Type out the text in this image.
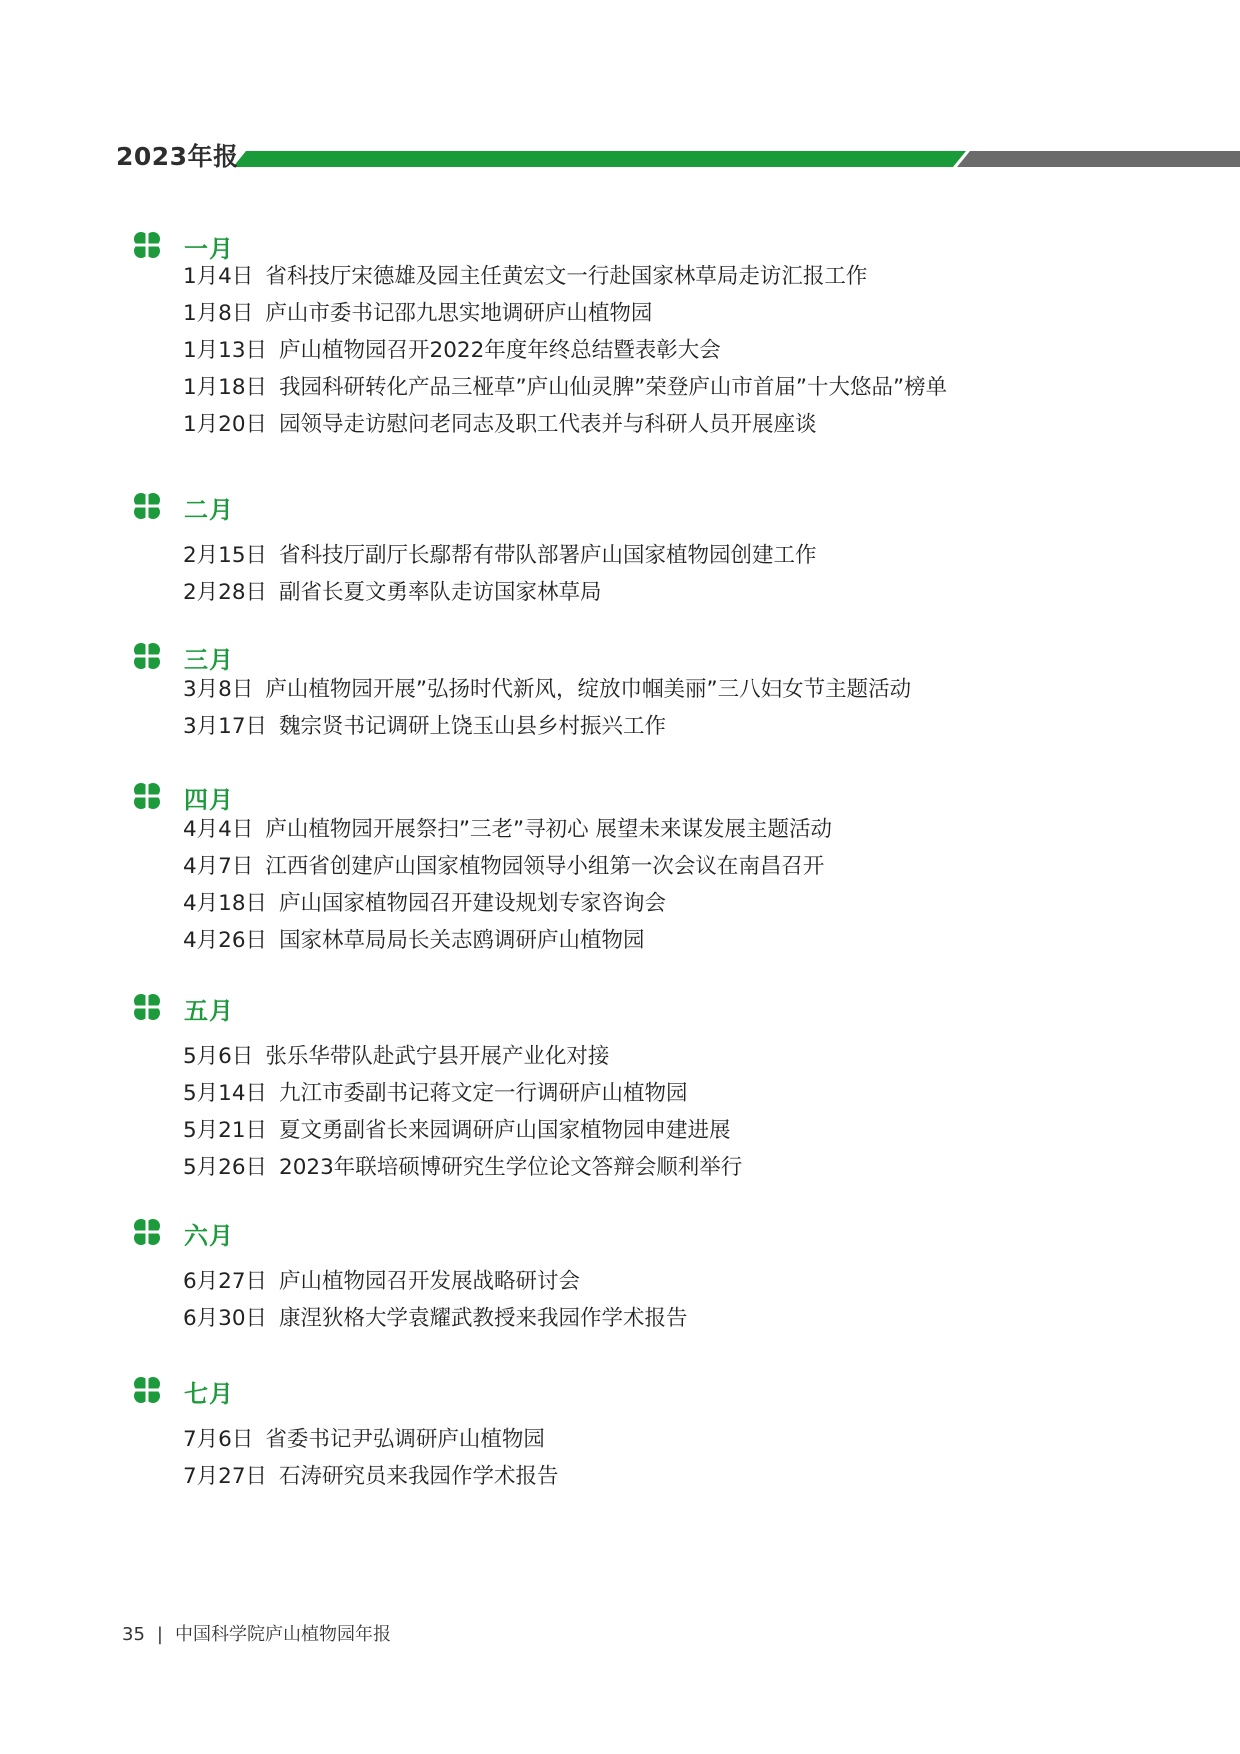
2023年报
一月
1月4日 省科技厅宋德雄及园主任黄宏文一行赴国家林草局走访汇报工作
1月8日 庐山市委书记邵九思实地调研庐山植物园
1月13日 庐山植物园召开2022年度年终总结暨表彰大会
1月18日 我园科研转化产品三桠草”庐山仙灵脾”荣登庐山市首届”十大悠品”榜单
1月20日 园领导走访慰问老同志及职工代表并与科研人员开展座谈
二月
2月15日 省科技厅副厅长鄢帮有带队部署庐山国家植物园创建工作
2月28日 副省长夏文勇率队走访国家林草局
三月
3月8日 庐山植物园开展”弘扬时代新风，绽放巾帼美丽”三八妇女节主题活动
3月17日 魏宗贤书记调研上饶玉山县乡村振兴工作
四月
4月4日 庐山植物园开展祭扫”三老”寻初心 展望未来谋发展主题活动
4月7日 江西省创建庐山国家植物园领导小组第一次会议在南昌召开
4月18日 庐山国家植物园召开建设规划专家咨询会
4月26日 国家林草局局长关志鸥调研庐山植物园
五月
5月6日 张乐华带队赴武宁县开展产业化对接
5月14日 九江市委副书记蒋文定一行调研庐山植物园
5月21日 夏文勇副省长来园调研庐山国家植物园申建进展
5月26日 2023年联培硕博研究生学位论文答辩会顺利举行
六月
6月27日 庐山植物园召开发展战略研讨会
6月30日 康涅狄格大学袁耀武教授来我园作学术报告
七月
7月6日 省委书记尹弘调研庐山植物园
7月27日 石涛研究员来我园作学术报告
35 | 中国科学院庐山植物园年报
